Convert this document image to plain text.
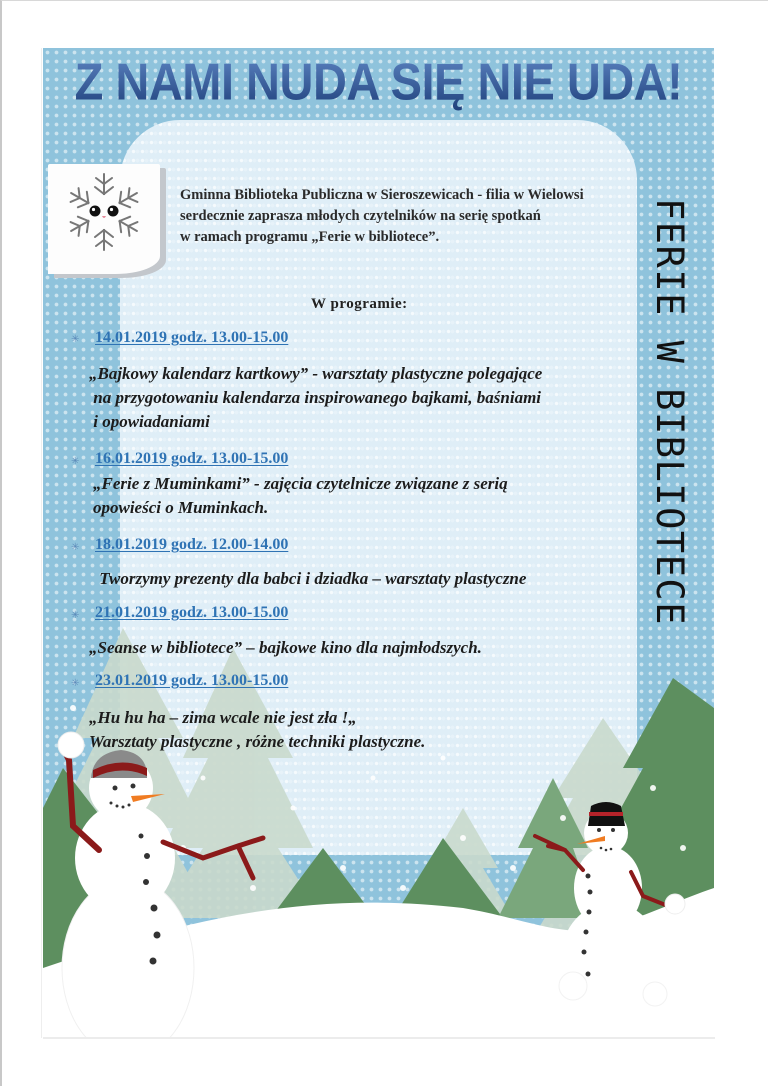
Z NAMI NUDA SIĘ NIE UDA!
Gminna Biblioteka Publiczna w Sieroszewicach - filia w Wielowsi
serdecznie zaprasza młodych czytelników na serię spotkań
w ramach programu „Ferie w bibliotece”.
W programie:
✳ 14.01.2019 godz. 13.00-15.00
„Bajkowy kalendarz kartkowy” - warsztaty plastyczne polegające
na przygotowaniu kalendarza inspirowanego bajkami, baśniami
i opowiadaniami
✳ 16.01.2019 godz. 13.00-15.00
„Ferie z Muminkami” - zajęcia czytelnicze związane z serią
opowieści o Muminkach.
✳ 18.01.2019 godz. 12.00-14.00
Tworzymy prezenty dla babci i dziadka – warsztaty plastyczne
✳ 21.01.2019 godz. 13.00-15.00
„Seanse w bibliotece” – bajkowe kino dla najmłodszych.
✳ 23.01.2019 godz. 13.00-15.00
„Hu hu ha – zima wcale nie jest zła !„
Warsztaty plastyczne , różne techniki plastyczne.
FERIE W BIBLIOTECE
